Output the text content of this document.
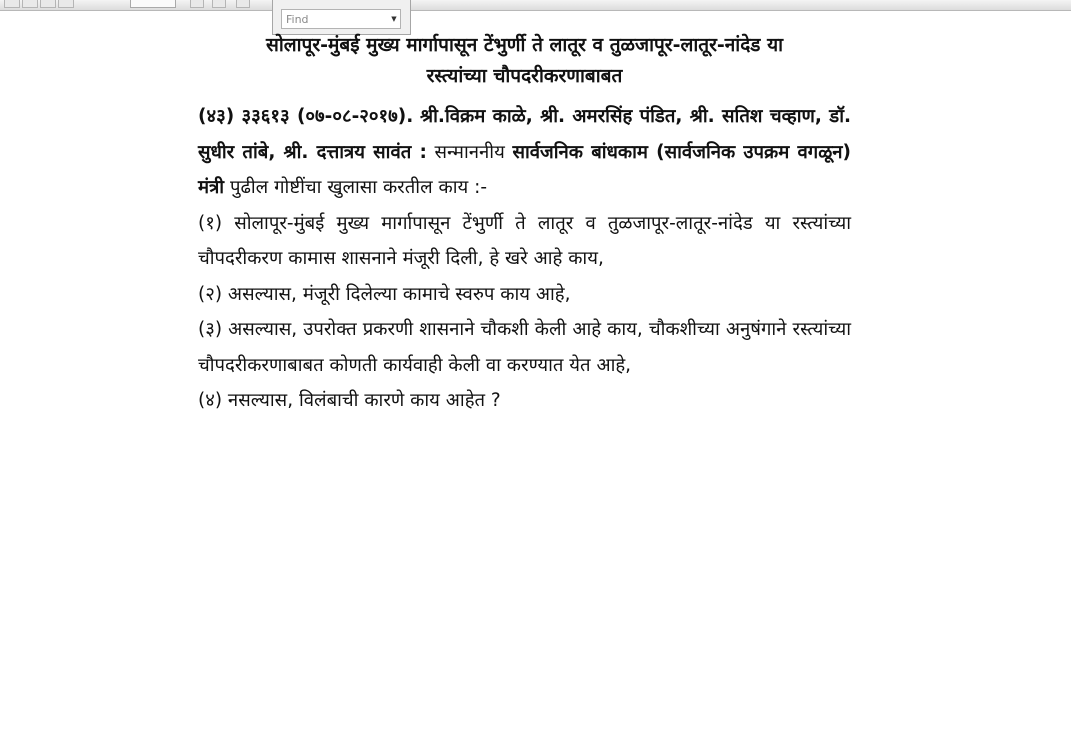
Find
▼

सोलापूर-मुंबई मुख्य मार्गापासून टेंभुर्णी ते लातूर व तुळजापूर-लातूर-नांदेड या
रस्त्यांच्या चौपदरीकरणाबाबत

(४३) ३३६१३ (०७-०८-२०१७). श्री.विक्रम काळे, श्री. अमरसिंह पंडित, श्री. सतिश चव्हाण, डॉ. सुधीर तांबे, श्री. दत्तात्रय सावंत : सन्माननीय सार्वजनिक बांधकाम (सार्वजनिक उपक्रम वगळून) मंत्री पुढील गोष्टींचा खुलासा करतील काय :-

(१) सोलापूर-मुंबई मुख्य मार्गापासून टेंभुर्णी ते लातूर व तुळजापूर-लातूर-नांदेड या रस्त्यांच्या चौपदरीकरण कामास शासनाने मंजूरी दिली, हे खरे आहे काय,

(२) असल्यास, मंजूरी दिलेल्या कामाचे स्वरुप काय आहे,

(३) असल्यास, उपरोक्त प्रकरणी शासनाने चौकशी केली आहे काय, चौकशीच्या अनुषंगाने रस्त्यांच्या चौपदरीकरणाबाबत कोणती कार्यवाही केली वा करण्यात येत आहे,

(४) नसल्यास, विलंबाची कारणे काय आहेत ?
